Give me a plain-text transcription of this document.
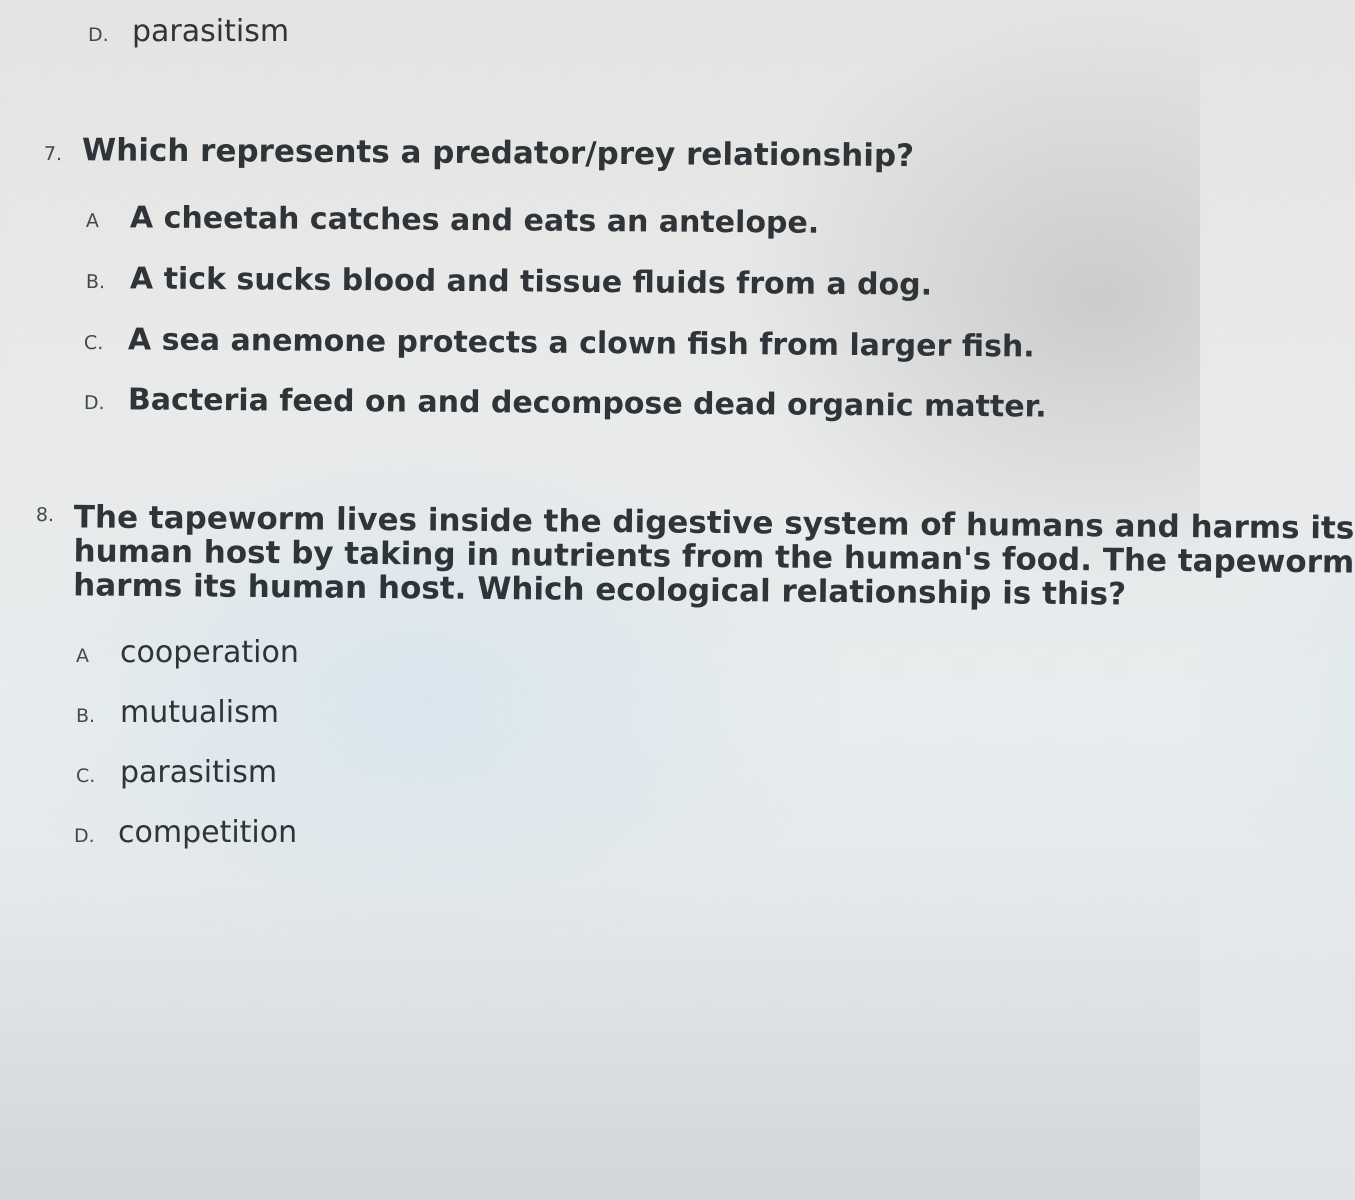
D. parasitism
7. Which represents a predator/prey relationship?
A	A cheetah catches and eats an antelope.
B. A tick sucks blood and tissue fluids from a dog.
C. A sea anemone protects a clown fish from larger fish.
D. Bacteria feed on and decompose dead organic matter.
8. The tapeworm lives inside the digestive system of humans and harms its
human host by taking in nutrients from the human's food. The tapeworm
harms its human host. Which ecological relationship is this?
A	cooperation
B. mutualism
C. parasitism
D. competition
